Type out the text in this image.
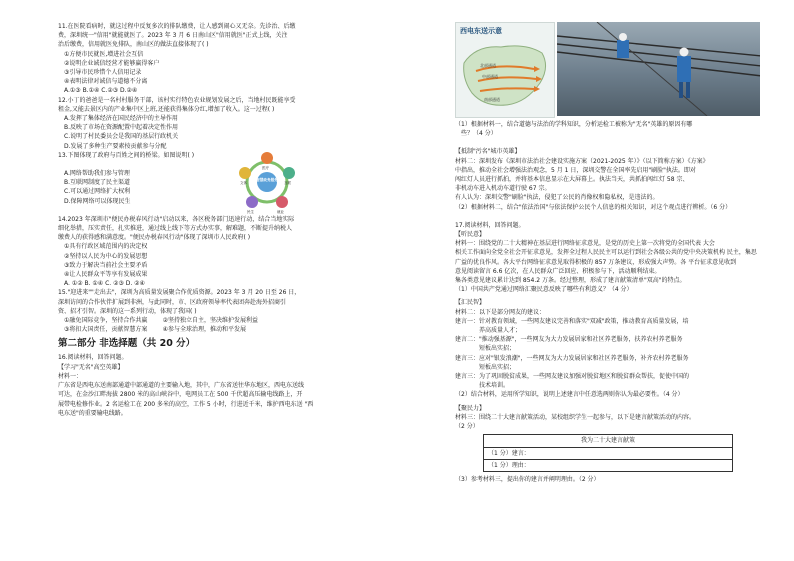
11.在医院看病时，就这过程中反复多次的排队缴费，让人感到闹心又无奈。先诊治、后缴

费，深圳统一"信用"就能就医了。2023 年 3 月 6 日南山区"信用就医"正式上线，关注

治后缴费，信用就医免排队，南山区的做法直接体现了( )

①方便市民就医,增进社会互信

②说明企业诚信经营才能够赢得客户

③引导市民珍惜个人信用记录

④表明法律对诚信与道德不分离

A.①③ B.①④ C.②③ D.②④

12.小丁的爸爸是一名村村服务干部，该村实行特色农业规划发展之后，当地村民既能享受

租金,又能去景区内的产业集中区上班,还能获得集体分红,增加了收入。这一过程( )

A.发挥了集体经济在国民经济中的主导作用

B.反映了市场在资源配置中起着决定性作用

C.说明了村民委员会是我国的基层行政机关

D.发展了多种生产要素按贡献参与分配

13.下图体现了政府与百姓之间的桥梁。如图说明( )

A.网络帮助我们参与管理

B.互联网制度了民主渠道

C.可以通过网络扩大权利

D.保障网络可以体现民生

智慧政务服务
医疗
互联
就业
民生
文体

14.2023 年深圳市"便民办税春风行动"启动以来，各区税务部门迅速行动，结合当地实际

细化举措，压实责任，扎实推进，通过线上线下等方式办实事，解难题，不断提升纳税人

缴费人的获得感和满意度。"便民办税春风行动"体现了深圳市人民政府( )

①具有行政区域范围内的决定权

②坚持以人民为中心的发展思想

③致力于解决当前社会主要矛盾

④让人民群众平等享有发展成果

A. ①② B. ①④ C. ②③ D. ②④

15."迎进来""走出去"，深圳为高质量发展聚合作优质资源。2023 年 3 月 20 日至 26 日，

深圳访问的合作伙伴扩展到非洲，与此同时，市、区政府领导率代表团奔赴海外招商引

资、招才引智。深圳的这一系列行动，体现了我国( )

①融免国际竞争，坚持合作共赢        ②坚持独立自主，坚决维护发展利益

③将扣大国责任，贡献智慧方案        ④参与全球治理，推动和平发展

第二部分 非选择题（共 20 分）

16.阅读材料，回答问题。

【学习"无名"高空英雄】

材料一：

广东省是西电东送南部通道中部通道的主要输入地，其中，广东省送往华东地区，西电东送线

可达，在金沙江畔海拔 2800 米的高山峡谷中，电网员工在 500 千伏超高压输电线路上，开

展带电检修作业。2 名运检工在 200 多米的高空，工作 5 小时，行进近千米，维护西电东送 "西

电东送"的重要输电线路。

西电东送示意
北部通道
中部通道
南部通道

（1）根据材料一，结合道德与法治的学科知识，分析运检工被称为"无名"英雄的原因有哪

些？（4 分）

【抵制"污名"城市英雄】

材料二：深圳发布《深圳市法治社会建设实施方案（2021-2025 年）》（以下简称方案）《方案》

中指出，推动全社会增强法治观念，5 月 1 日，深圳交警在全国率先启用"刷脸"执法。即对

闯红灯人员进行抓拍，并将基本信息显示在大屏幕上。执法当天，共抓拍闯红灯 58 宗、

非机动车进入机动车道行驶 67 宗。

有人认为：深圳交警"刷脸"执法，侵犯了公民的肖像权和隐私权，是违法的。

（2）根据材料二，结合"依法治国"与依法保护公民个人信息的相关知识，对这个观点进行辨析。（6 分）

17.阅读材料，回答问题。

【听民意】

材料一：围绕党的二十大精神在基层进行网络征求意见，是党的历史上第一次将党的全国代表 大会

相关工作面向全党全社会开征求意见，发挥全过程人民民主可以运行到社会各级公共的党中央决策机构 民主，集思

广益的优良作风。各大平台网络征求意见取得积极的 857 万条建议，形成强大声势。各 平台征求意见收到

意见阅读留言 6.6 亿次，在人民群众广泛回应、积极参与下，活动顺利结束。

集各类意见建议累计达到 854.2 万条。经过整理，形成了建言献策清单"双高"的特点。

（1）中国共产党通过网络汇聚民意反映了哪些有利意义？（4 分）

【汇民智】

材料二：以下是部分网友的建议：

建言一：针对教育领域，一些网友建议完善和落实"双减"政策，推动教育高质量发展，培

养高质量人才；

建言二："推动强基源"，一些网友为大力发展居家和社区养老服务，扶养农村养老服务

短板出实招；

建言三：应对"银发浪潮"，一些网友为大力发展居家和社区养老服务，补齐农村养老服务

短板出实招；

建言三：为了巩固脱贫成果，一些网友建议加强对脱贫地区和脱贫群众帮扶，促使中国的

技术培训。

（2）结合材料，运用所学知识，说明上述建言中任意选两则你认为最必要性。（4 分）

【聚民力】

材料三：围绕二十大建言献策活动，某校组织学生一起参与，以下是建言献策活动的内容。

（2 分）

我为二十大建言献策
（1 分）建言：
（1 分）理由：

（3）参考材料三，提出你的建言并阐明理由。（2 分）
